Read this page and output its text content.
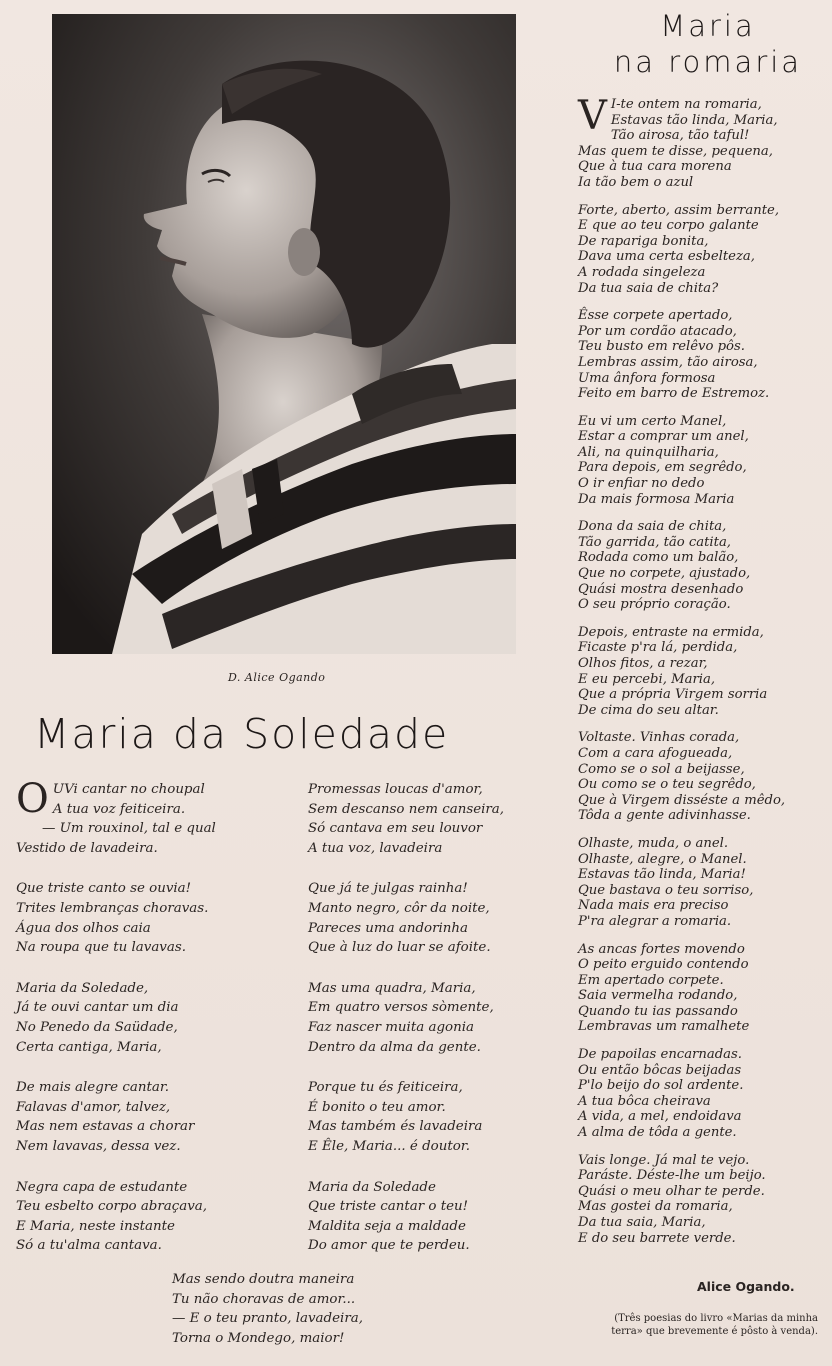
D. Alice Ogando
Maria da Soledade
O UVi cantar no choupal
A tua voz feiticeira.
— Um rouxinol, tal e qual
Vestido de lavadeira.
Que triste canto se ouvia!
Trites lembranças choravas.
Água dos olhos caia
Na roupa que tu lavavas.
Maria da Soledade,
Já te ouvi cantar um dia
No Penedo da Saüdade,
Certa cantiga, Maria,
De mais alegre cantar.
Falavas d'amor, talvez,
Mas nem estavas a chorar
Nem lavavas, dessa vez.
Negra capa de estudante
Teu esbelto corpo abraçava,
E Maria, neste instante
Só a tu'alma cantava.
Promessas loucas d'amor,
Sem descanso nem canseira,
Só cantava em seu louvor
A tua voz, lavadeira
Que já te julgas rainha!
Manto negro, côr da noite,
Pareces uma andorinha
Que à luz do luar se afoite.
Mas uma quadra, Maria,
Em quatro versos sòmente,
Faz nascer muita agonia
Dentro da alma da gente.
Porque tu és feiticeira,
É bonito o teu amor.
Mas também és lavadeira
E Êle, Maria... é doutor.
Maria da Soledade
Que triste cantar o teu!
Maldita seja a maldade
Do amor que te perdeu.
Mas sendo doutra maneira
Tu não choravas de amor...
— E o teu pranto, lavadeira,
Torna o Mondego, maior!
Maria
na romaria
V I-te ontem na romaria,
Estavas tão linda, Maria,
Tão airosa, tão taful!
Mas quem te disse, pequena,
Que à tua cara morena
Ia tão bem o azul
Forte, aberto, assim berrante,
E que ao teu corpo galante
De rapariga bonita,
Dava uma certa esbelteza,
A rodada singeleza
Da tua saia de chita?
Êsse corpete apertado,
Por um cordão atacado,
Teu busto em relêvo pôs.
Lembras assim, tão airosa,
Uma ânfora formosa
Feito em barro de Estremoz.
Eu vi um certo Manel,
Estar a comprar um anel,
Ali, na quinquilharia,
Para depois, em segrêdo,
O ir enfiar no dedo
Da mais formosa Maria
Dona da saia de chita,
Tão garrida, tão catita,
Rodada como um balão,
Que no corpete, ajustado,
Quási mostra desenhado
O seu próprio coração.
Depois, entraste na ermida,
Ficaste p'ra lá, perdida,
Olhos fitos, a rezar,
E eu percebi, Maria,
Que a própria Virgem sorria
De cima do seu altar.
Voltaste. Vinhas corada,
Com a cara afogueada,
Como se o sol a beijasse,
Ou como se o teu segrêdo,
Que à Virgem disséste a mêdo,
Tôda a gente adivinhasse.
Olhaste, muda, o anel.
Olhaste, alegre, o Manel.
Estavas tão linda, Maria!
Que bastava o teu sorriso,
Nada mais era preciso
P'ra alegrar a romaria.
As ancas fortes movendo
O peito erguido contendo
Em apertado corpete.
Saia vermelha rodando,
Quando tu ias passando
Lembravas um ramalhete
De papoilas encarnadas.
Ou então bôcas beijadas
P'lo beijo do sol ardente.
A tua bôca cheirava
A vida, a mel, endoidava
A alma de tôda a gente.
Vais longe. Já mal te vejo.
Paráste. Déste-lhe um beijo.
Quási o meu olhar te perde.
Mas gostei da romaria,
Da tua saia, Maria,
E do seu barrete verde.
Alice Ogando.
(Três poesias do livro «Marias da minha terra» que brevemente é pôsto à venda).
